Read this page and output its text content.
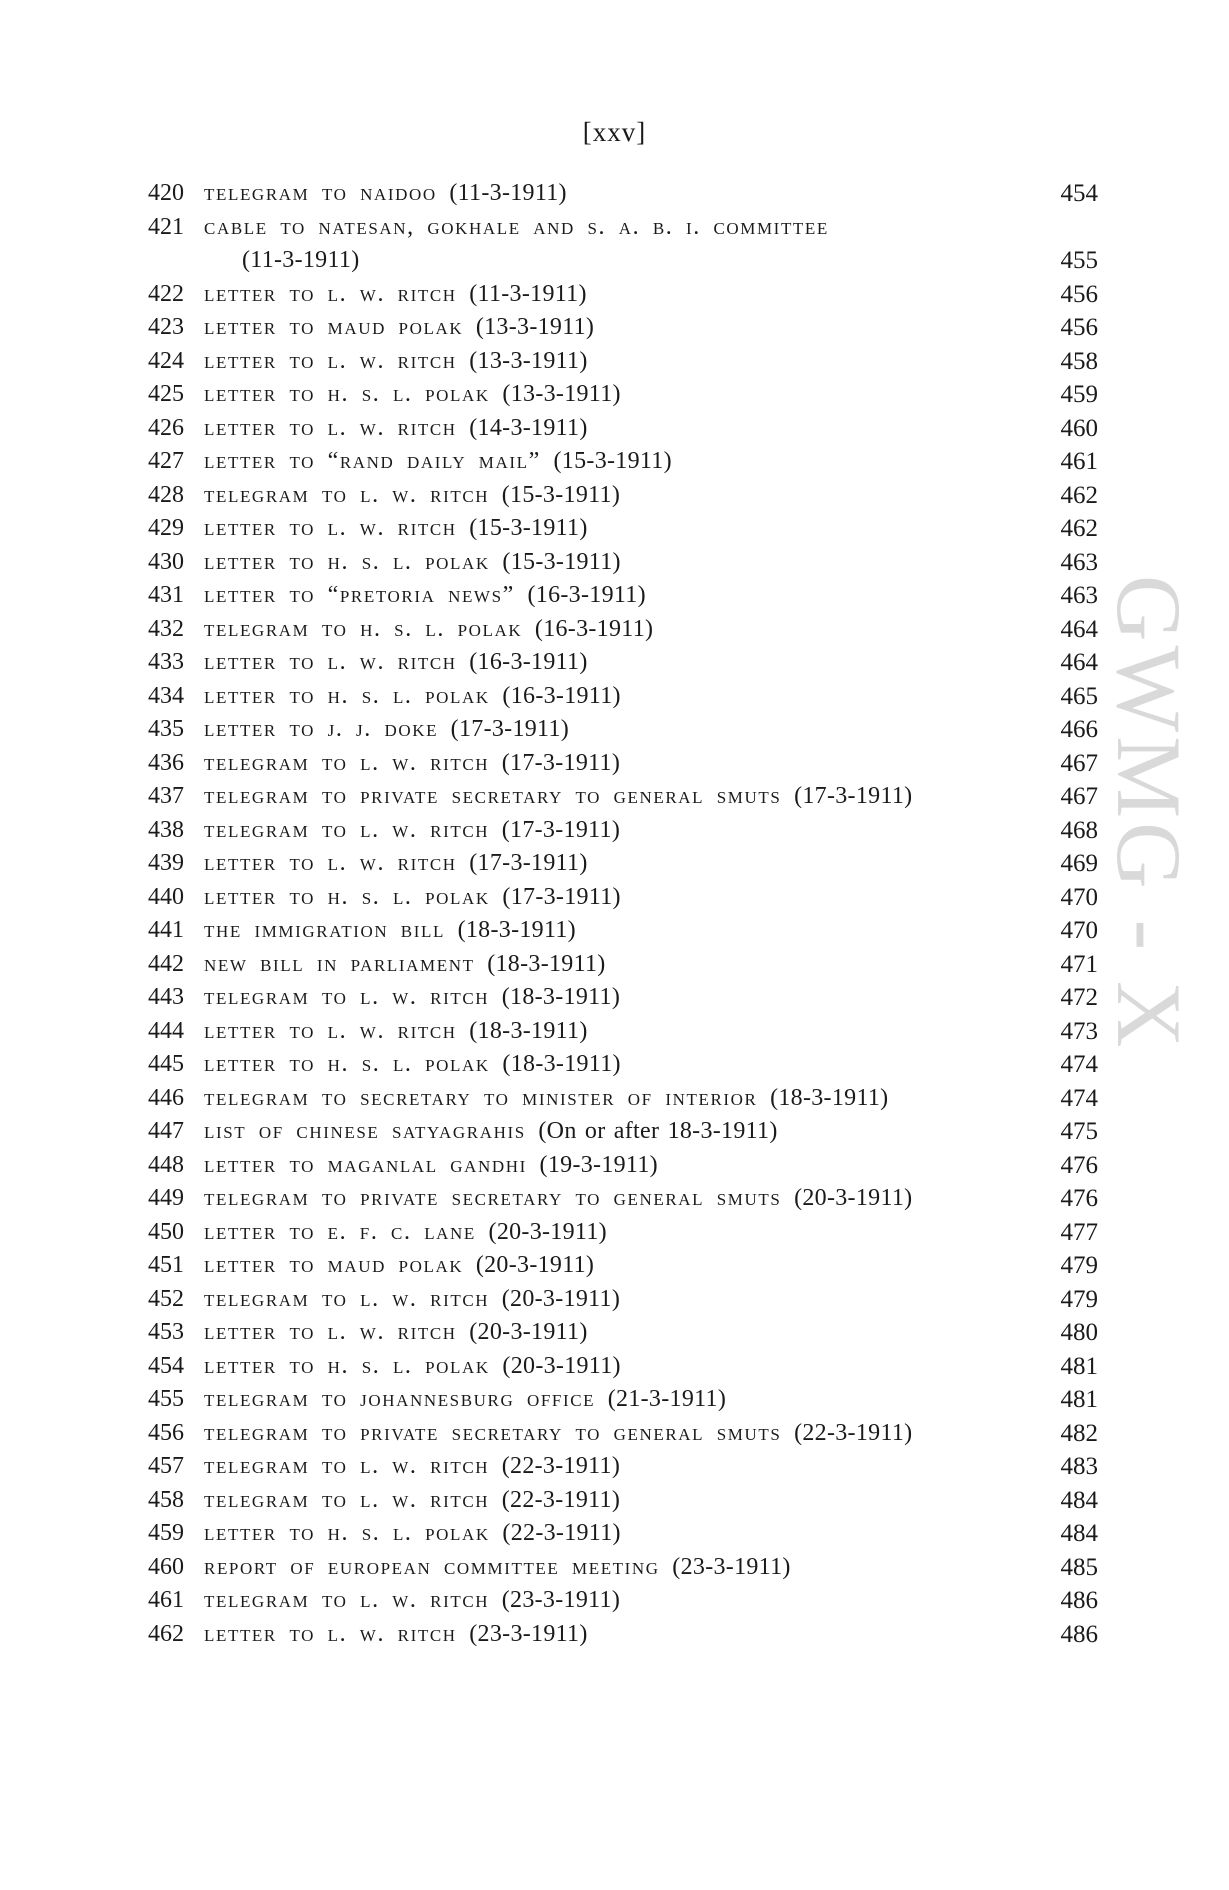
GWMG - X
[xxv]
420 telegram to naidoo (11-3-1911)	454
421 cable to natesan, gokhale and s. a. b. i. committee
(11-3-1911)	455
422 letter to l. w. ritch (11-3-1911)	456
423 letter to maud polak (13-3-1911)	456
424 letter to l. w. ritch (13-3-1911)	458
425 letter to h. s. l. polak (13-3-1911)	459
426 letter to l. w. ritch (14-3-1911)	460
427 letter to “rand daily mail” (15-3-1911)	461
428 telegram to l. w. ritch (15-3-1911)	462
429 letter to l. w. ritch (15-3-1911)	462
430 letter to h. s. l. polak (15-3-1911)	463
431 letter to “pretoria news” (16-3-1911)	463
432 telegram to h. s. l. polak (16-3-1911)	464
433 letter to l. w. ritch (16-3-1911)	464
434 letter to h. s. l. polak (16-3-1911)	465
435 letter to j. j. doke (17-3-1911)	466
436 telegram to l. w. ritch (17-3-1911)	467
437 telegram to private secretary to general smuts (17-3-1911)	467
438 telegram to l. w. ritch (17-3-1911)	468
439 letter to l. w. ritch (17-3-1911)	469
440 letter to h. s. l. polak (17-3-1911)	470
441 the immigration bill (18-3-1911)	470
442 new bill in parliament (18-3-1911)	471
443 telegram to l. w. ritch (18-3-1911)	472
444 letter to l. w. ritch (18-3-1911)	473
445 letter to h. s. l. polak (18-3-1911)	474
446 telegram to secretary to minister of interior (18-3-1911)	474
447 list of chinese satyagrahis (On or after 18-3-1911)	475
448 letter to maganlal gandhi (19-3-1911)	476
449 telegram to private secretary to general smuts (20-3-1911)	476
450 letter to e. f. c. lane (20-3-1911)	477
451 letter to maud polak (20-3-1911)	479
452 telegram to l. w. ritch (20-3-1911)	479
453 letter to l. w. ritch (20-3-1911)	480
454 letter to h. s. l. polak (20-3-1911)	481
455 telegram to johannesburg office (21-3-1911)	481
456 telegram to private secretary to general smuts (22-3-1911)	482
457 telegram to l. w. ritch (22-3-1911)	483
458 telegram to l. w. ritch (22-3-1911)	484
459 letter to h. s. l. polak (22-3-1911)	484
460 report of european committee meeting (23-3-1911)	485
461 telegram to l. w. ritch (23-3-1911)	486
462 letter to l. w. ritch (23-3-1911)	486
